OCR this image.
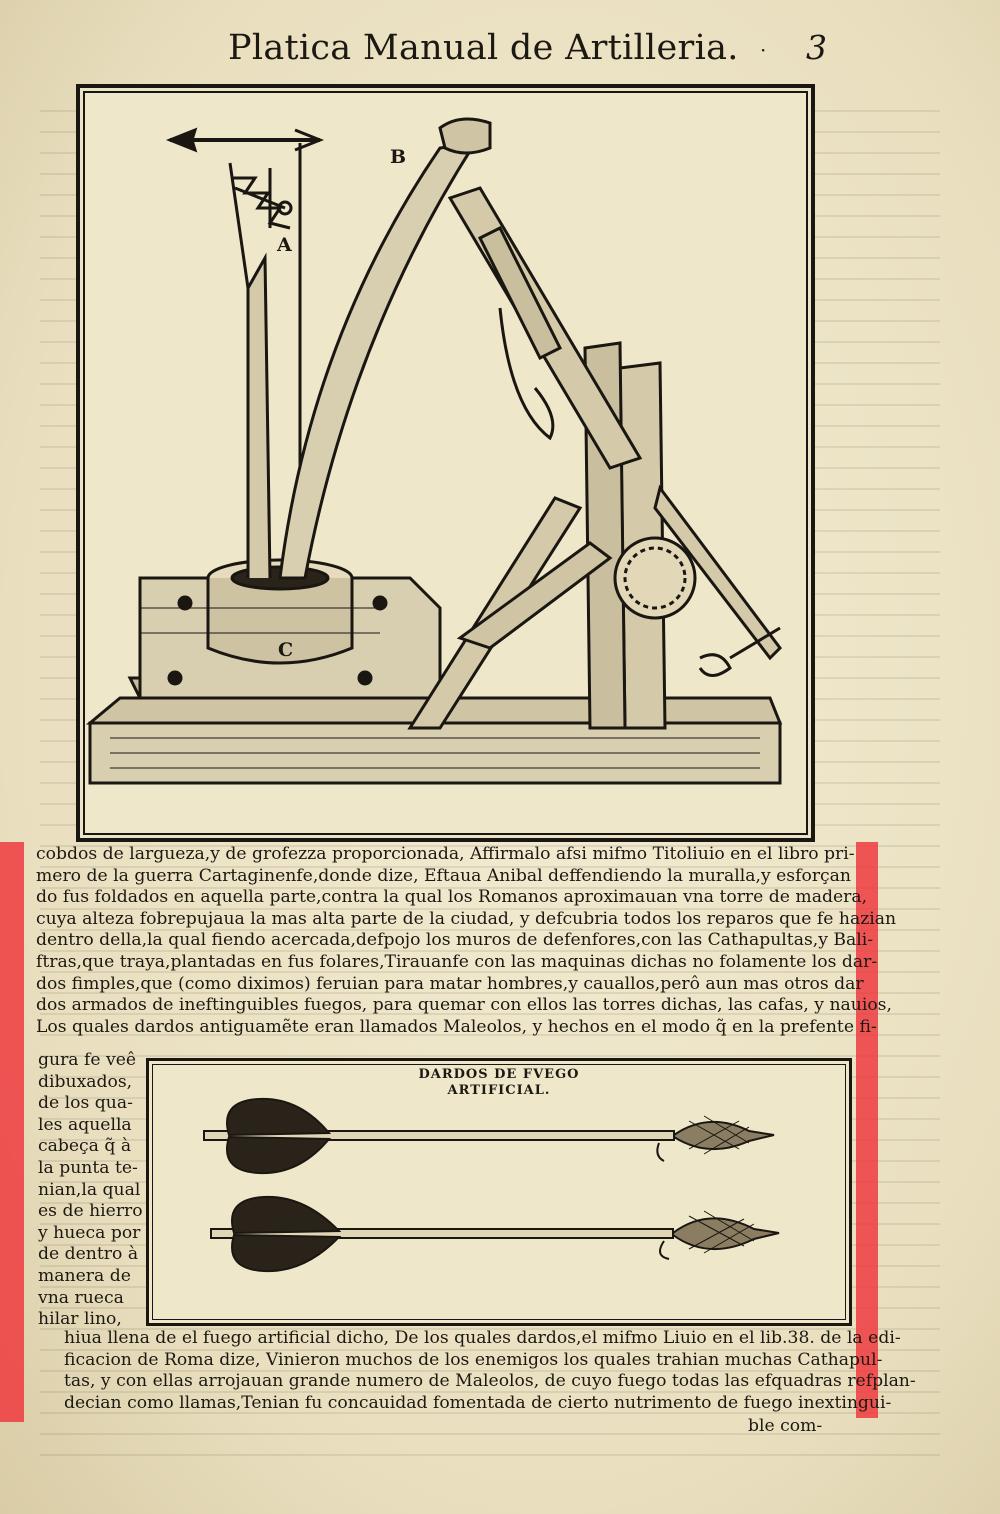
Platica Manual de Artilleria. · 3
A
B
C
cobdos de largueza,y de grofezza proporcionada, Affirmalo afsi mifmo Titoliuio en el libro pri-
mero de la guerra Cartaginenfe,donde dize, Eftaua Anibal deffendiendo la muralla,y esforçan
do fus foldados en aquella parte,contra la qual los Romanos aproximauan vna torre de madera,
cuya alteza fobrepujaua la mas alta parte de la ciudad, y defcubria todos los reparos que fe hazian
dentro della,la qual fiendo acercada,defpojo los muros de defenfores,con las Cathapultas,y Bali-
ftras,que traya,plantadas en fus folares,Tirauanfe con las maquinas dichas no folamente los dar-
dos fimples,que (como diximos) feruian para matar hombres,y cauallos,perô aun mas otros dar
dos armados de ineftinguibles fuegos, para quemar con ellos las torres dichas, las cafas, y nauios,
Los quales dardos antiguamẽte eran llamados Maleolos, y hechos en el modo q̃ en la prefente fi-
gura fe veê
dibuxados,
de los qua-
les aquella
cabeça q̃ à
la punta te-
nian,la qual
es de hierro
y hueca por
de dentro à
manera de
vna rueca
hilar lino,
DARDOS DE FVEGO
ARTIFICIAL.
hiua llena de el fuego artificial dicho, De los quales dardos,el mifmo Liuio en el lib.38. de la edi-
ficacion de Roma dize, Vinieron muchos de los enemigos los quales trahian muchas Cathapul-
tas, y con ellas arrojauan grande numero de Maleolos, de cuyo fuego todas las efquadras refplan-
decian como llamas,Tenian fu concauidad fomentada de cierto nutrimento de fuego inextingui-
ble com-
